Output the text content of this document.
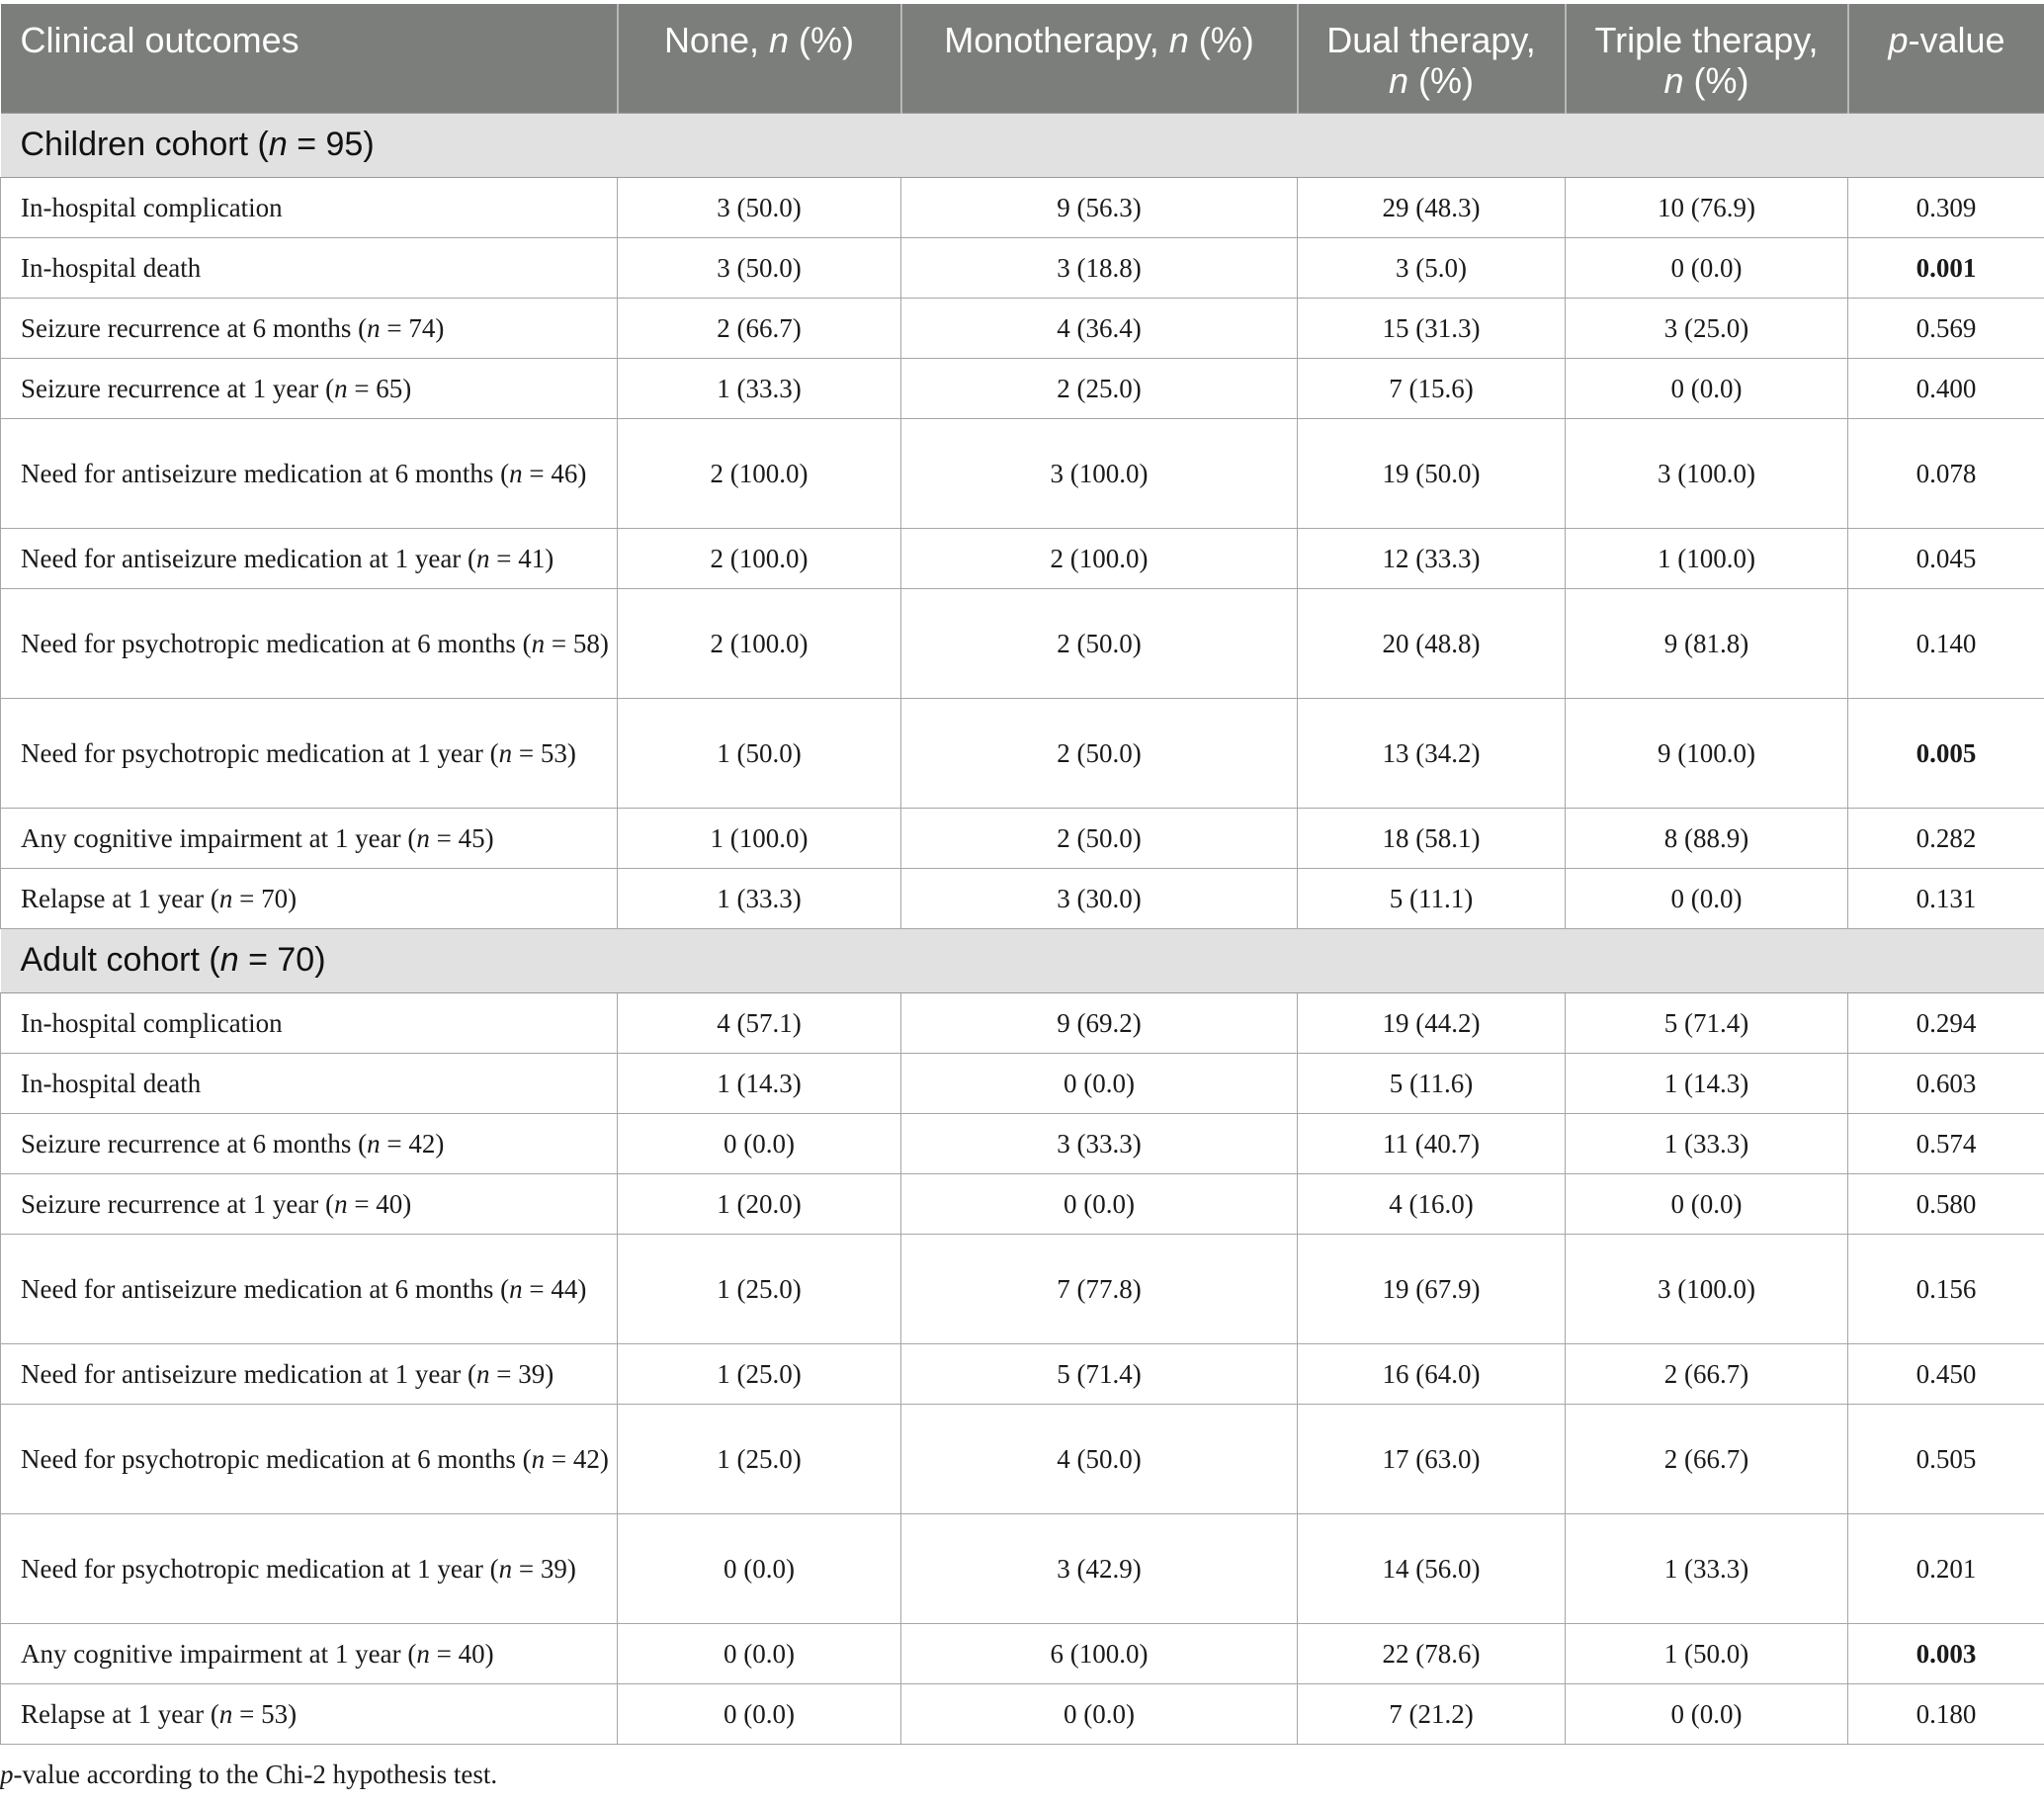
Clinical outcomes	None, n (%)	Monotherapy, n (%)	Dual therapy,
n (%)	Triple therapy,
n (%)	p-value
Children cohort (n = 95)					
In-hospital complication	3 (50.0)	9 (56.3)	29 (48.3)	10 (76.9)	0.309
In-hospital death	3 (50.0)	3 (18.8)	3 (5.0)	0 (0.0)	0.001
Seizure recurrence at 6 months (n = 74)	2 (66.7)	4 (36.4)	15 (31.3)	3 (25.0)	0.569
Seizure recurrence at 1 year (n = 65)	1 (33.3)	2 (25.0)	7 (15.6)	0 (0.0)	0.400
Need for antiseizure medication at 6 months (n = 46)	2 (100.0)	3 (100.0)	19 (50.0)	3 (100.0)	0.078
Need for antiseizure medication at 1 year (n = 41)	2 (100.0)	2 (100.0)	12 (33.3)	1 (100.0)	0.045
Need for psychotropic medication at 6 months (n = 58)	2 (100.0)	2 (50.0)	20 (48.8)	9 (81.8)	0.140
Need for psychotropic medication at 1 year (n = 53)	1 (50.0)	2 (50.0)	13 (34.2)	9 (100.0)	0.005
Any cognitive impairment at 1 year (n = 45)	1 (100.0)	2 (50.0)	18 (58.1)	8 (88.9)	0.282
Relapse at 1 year (n = 70)	1 (33.3)	3 (30.0)	5 (11.1)	0 (0.0)	0.131
Adult cohort (n = 70)					
In-hospital complication	4 (57.1)	9 (69.2)	19 (44.2)	5 (71.4)	0.294
In-hospital death	1 (14.3)	0 (0.0)	5 (11.6)	1 (14.3)	0.603
Seizure recurrence at 6 months (n = 42)	0 (0.0)	3 (33.3)	11 (40.7)	1 (33.3)	0.574
Seizure recurrence at 1 year (n = 40)	1 (20.0)	0 (0.0)	4 (16.0)	0 (0.0)	0.580
Need for antiseizure medication at 6 months (n = 44)	1 (25.0)	7 (77.8)	19 (67.9)	3 (100.0)	0.156
Need for antiseizure medication at 1 year (n = 39)	1 (25.0)	5 (71.4)	16 (64.0)	2 (66.7)	0.450
Need for psychotropic medication at 6 months (n = 42)	1 (25.0)	4 (50.0)	17 (63.0)	2 (66.7)	0.505
Need for psychotropic medication at 1 year (n = 39)	0 (0.0)	3 (42.9)	14 (56.0)	1 (33.3)	0.201
Any cognitive impairment at 1 year (n = 40)	0 (0.0)	6 (100.0)	22 (78.6)	1 (50.0)	0.003
Relapse at 1 year (n = 53)	0 (0.0)	0 (0.0)	7 (21.2)	0 (0.0)	0.180
p-value according to the Chi-2 hypothesis test.
